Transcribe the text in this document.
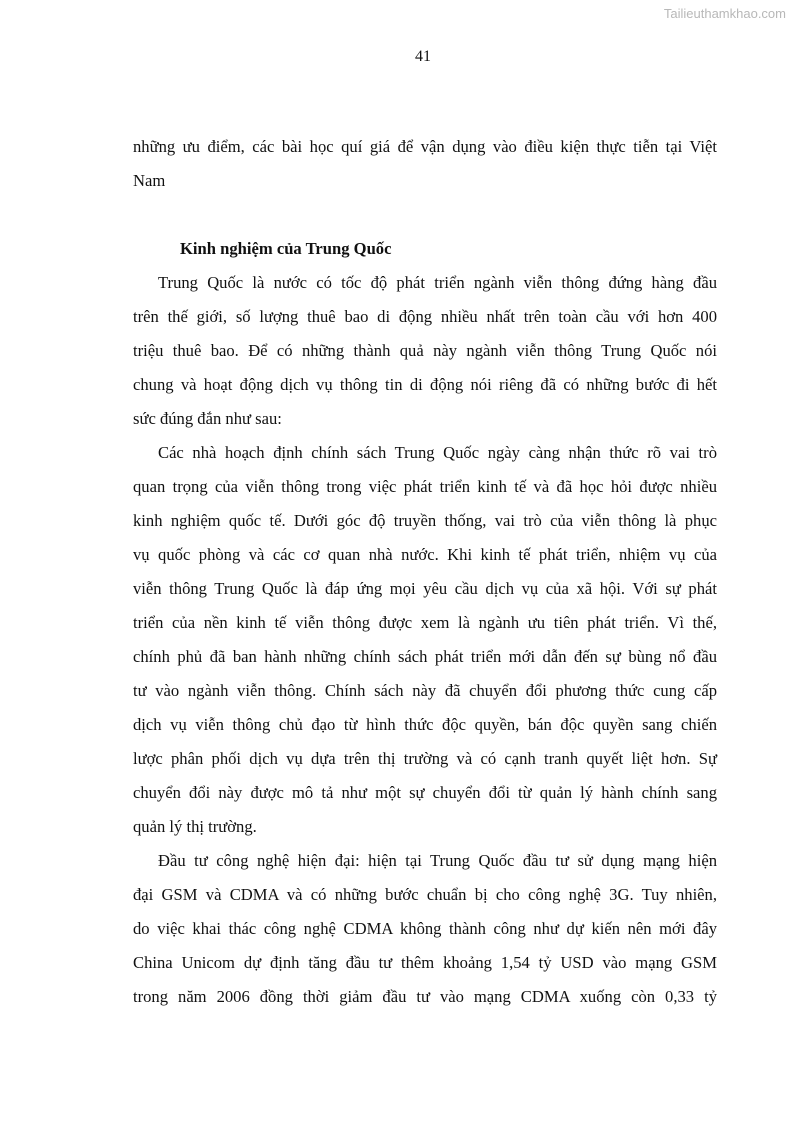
Tailieuthamkhao.com
41
những ưu điểm, các bài học quí giá để vận dụng vào điều kiện thực tiễn tại Việt
Nam
Kinh nghiệm của Trung Quốc
Trung Quốc là nước có tốc độ phát triển ngành viễn thông đứng hàng đầu
trên thế giới, số lượng thuê bao di động nhiều nhất trên toàn cầu với hơn 400
triệu thuê bao. Để có những thành quả này ngành viễn thông Trung Quốc nói
chung và hoạt động dịch vụ thông tin di động nói riêng đã có những bước đi hết
sức đúng đắn như sau:
Các nhà hoạch định chính sách Trung Quốc ngày càng nhận thức rõ vai trò
quan trọng của viễn thông trong việc phát triển kinh tế và đã học hỏi được nhiều
kinh nghiệm quốc tế. Dưới góc độ truyền thống, vai trò của viễn thông là phục
vụ quốc phòng và các cơ quan nhà nước. Khi kinh tế phát triển, nhiệm vụ của
viễn thông Trung Quốc là đáp ứng mọi yêu cầu dịch vụ của xã hội. Với sự phát
triển của nền kinh tế viễn thông được xem là ngành ưu tiên phát triển. Vì thế,
chính phủ đã ban hành những chính sách phát triển mới dẫn đến sự bùng nổ đầu
tư vào ngành viễn thông. Chính sách này đã chuyển đổi phương thức cung cấp
dịch vụ viễn thông chủ đạo từ hình thức độc quyền, bán độc quyền sang chiến
lược phân phối dịch vụ dựa trên thị trường và có cạnh tranh quyết liệt hơn. Sự
chuyển đổi này được mô tả như một sự chuyển đổi từ quản lý hành chính sang
quản lý thị trường.
Đầu tư công nghệ hiện đại: hiện tại Trung Quốc đầu tư sử dụng mạng hiện
đại GSM và CDMA và có những bước chuẩn bị cho công nghệ 3G. Tuy nhiên,
do việc khai thác công nghệ CDMA không thành công như dự kiến nên mới đây
China Unicom dự định tăng đầu tư thêm khoảng 1,54 tỷ USD vào mạng GSM
trong năm 2006 đồng thời giảm đầu tư vào mạng CDMA xuống còn 0,33 tỷ
